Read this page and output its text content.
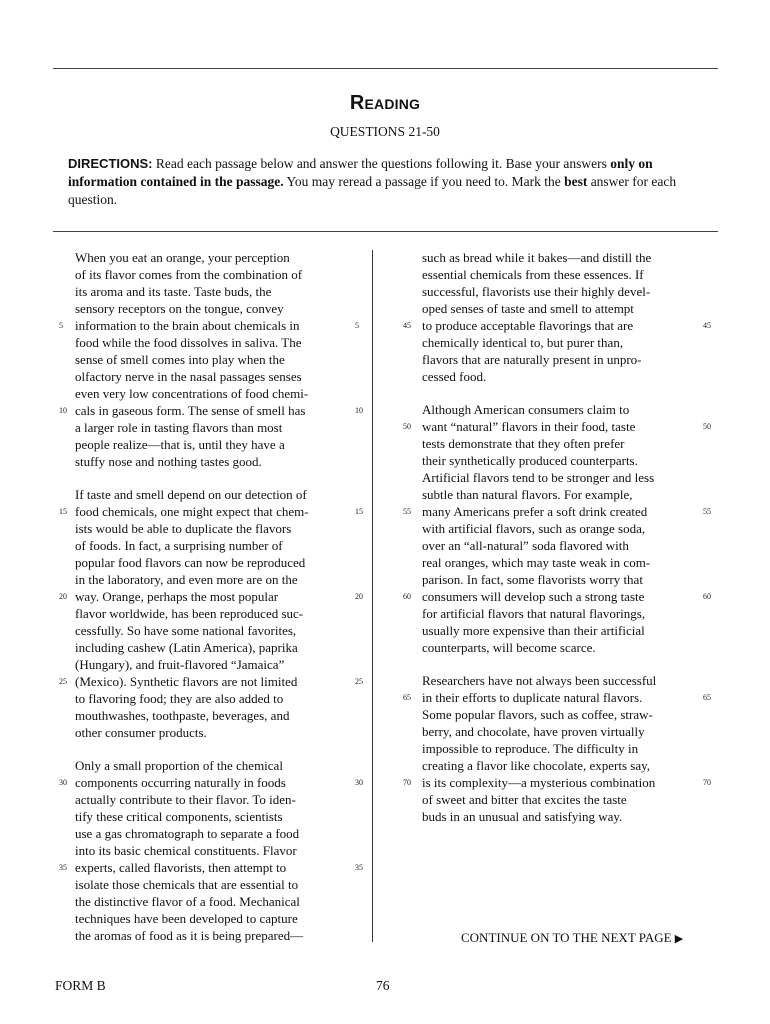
Reading
QUESTIONS 21-50
DIRECTIONS: Read each passage below and answer the questions following it. Base your answers only on information contained in the passage. You may reread a passage if you need to. Mark the best answer for each question.
When you eat an orange, your perception
of its flavor comes from the combination of
its aroma and its taste. Taste buds, the
sensory receptors on the tongue, convey
information to the brain about chemicals in
food while the food dissolves in saliva. The
sense of smell comes into play when the
olfactory nerve in the nasal passages senses
even very low concentrations of food chemi-
cals in gaseous form. The sense of smell has
a larger role in tasting flavors than most
people realize—that is, until they have a
stuffy nose and nothing tastes good.
If taste and smell depend on our detection of
food chemicals, one might expect that chem-
ists would be able to duplicate the flavors
of foods. In fact, a surprising number of
popular food flavors can now be reproduced
in the laboratory, and even more are on the
way. Orange, perhaps the most popular
flavor worldwide, has been reproduced suc-
cessfully. So have some national favorites,
including cashew (Latin America), paprika
(Hungary), and fruit-flavored “Jamaica”
(Mexico). Synthetic flavors are not limited
to flavoring food; they are also added to
mouthwashes, toothpaste, beverages, and
other consumer products.
Only a small proportion of the chemical
components occurring naturally in foods
actually contribute to their flavor. To iden-
tify these critical components, scientists
use a gas chromatograph to separate a food
into its basic chemical constituents. Flavor
experts, called flavorists, then attempt to
isolate those chemicals that are essential to
the distinctive flavor of a food. Mechanical
techniques have been developed to capture
the aromas of food as it is being prepared—
such as bread while it bakes—and distill the
essential chemicals from these essences. If
successful, flavorists use their highly devel-
oped senses of taste and smell to attempt
to produce acceptable flavorings that are
chemically identical to, but purer than,
flavors that are naturally present in unpro-
cessed food.
Although American consumers claim to
want “natural” flavors in their food, taste
tests demonstrate that they often prefer
their synthetically produced counterparts.
Artificial flavors tend to be stronger and less
subtle than natural flavors. For example,
many Americans prefer a soft drink created
with artificial flavors, such as orange soda,
over an “all-natural” soda flavored with
real oranges, which may taste weak in com-
parison. In fact, some flavorists worry that
consumers will develop such a strong taste
for artificial flavors that natural flavorings,
usually more expensive than their artificial
counterparts, will become scarce.
Researchers have not always been successful
in their efforts to duplicate natural flavors.
Some popular flavors, such as coffee, straw-
berry, and chocolate, have proven virtually
impossible to reproduce. The difficulty in
creating a flavor like chocolate, experts say,
is its complexity—a mysterious combination
of sweet and bitter that excites the taste
buds in an unusual and satisfying way.
5	5
10	10
15	15
20	20
25	25
30	30
35	35
45	45
50	50
55	55
60	60
65	65
70	70
CONTINUE ON TO THE NEXT PAGE ▶
FORM B	76
